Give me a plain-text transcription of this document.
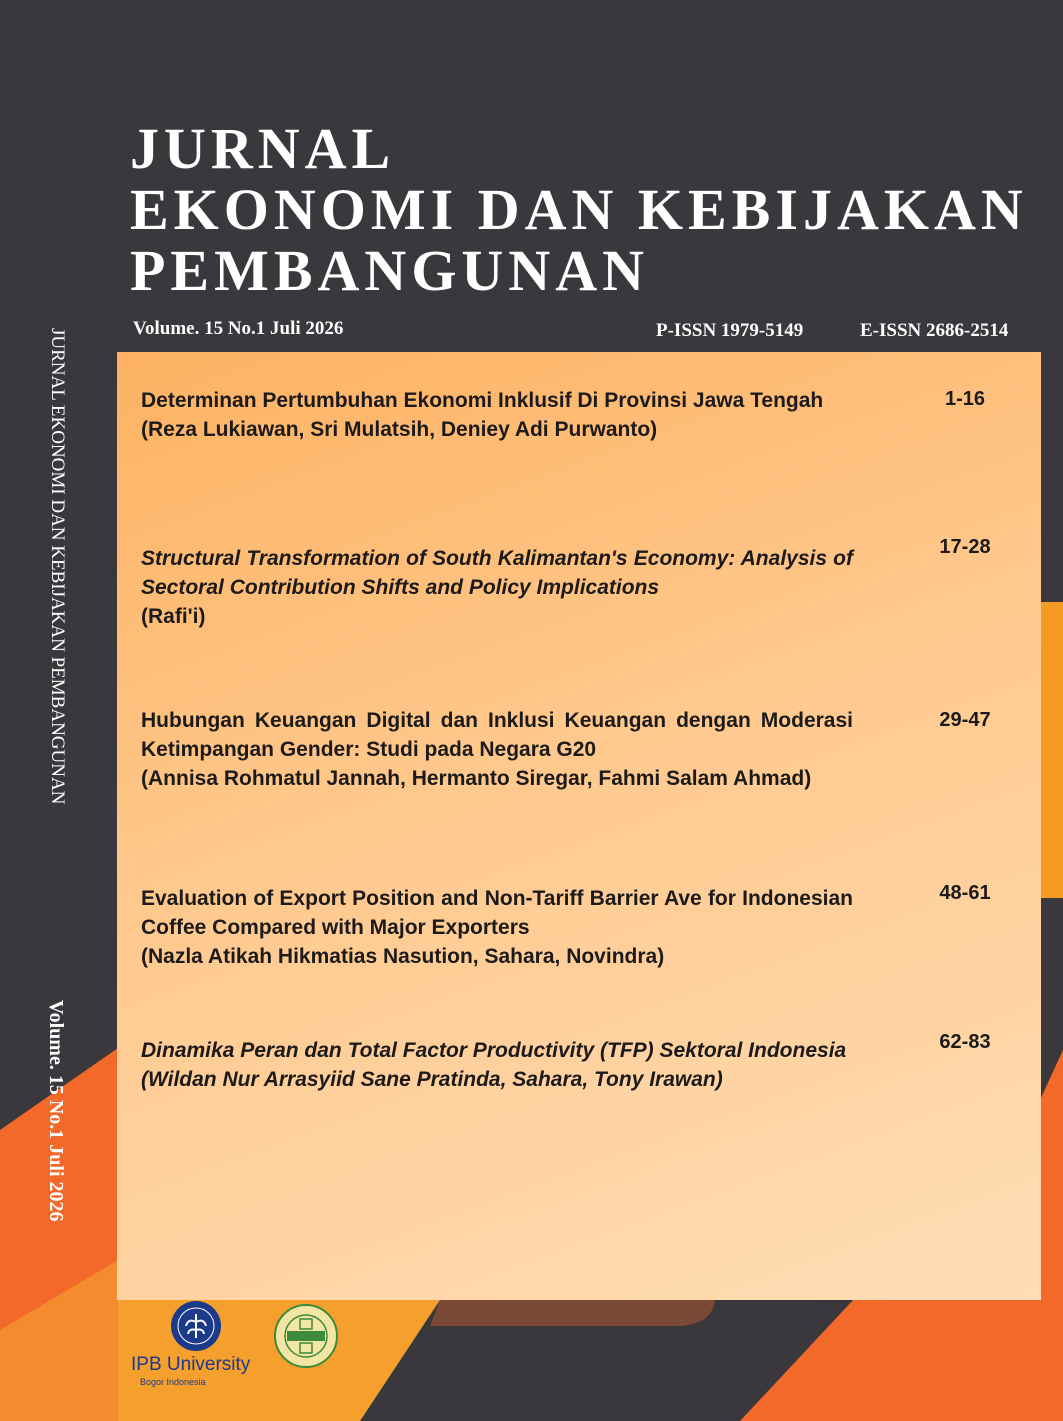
JURNAL
EKONOMI DAN KEBIJAKAN
PEMBANGUNAN
Volume. 15 No.1 Juli 2026	P-ISSN 1979-5149	E-ISSN 2686-2514
JURNAL EKONOMI DAN KEBIJAKAN PEMBANGUNAN
Volume. 15 No.1 Juli 2026
Determinan Pertumbuhan Ekonomi Inklusif Di Provinsi Jawa Tengah
(Reza Lukiawan, Sri Mulatsih, Deniey Adi Purwanto)
1-16
Structural Transformation of South Kalimantan's Economy: Analysis of Sectoral Contribution Shifts and Policy Implications
(Rafi'i)
17-28
Hubungan Keuangan Digital dan Inklusi Keuangan dengan Moderasi Ketimpangan Gender: Studi pada Negara G20
(Annisa Rohmatul Jannah, Hermanto Siregar, Fahmi Salam Ahmad)
29-47
Evaluation of Export Position and Non-Tariff Barrier Ave for Indonesian Coffee Compared with Major Exporters
(Nazla Atikah Hikmatias Nasution, Sahara, Novindra)
48-61
Dinamika Peran dan Total Factor Productivity (TFP) Sektoral Indonesia
(Wildan Nur Arrasyiid Sane Pratinda, Sahara, Tony Irawan)
62-83
IPB University
Bogor Indonesia
